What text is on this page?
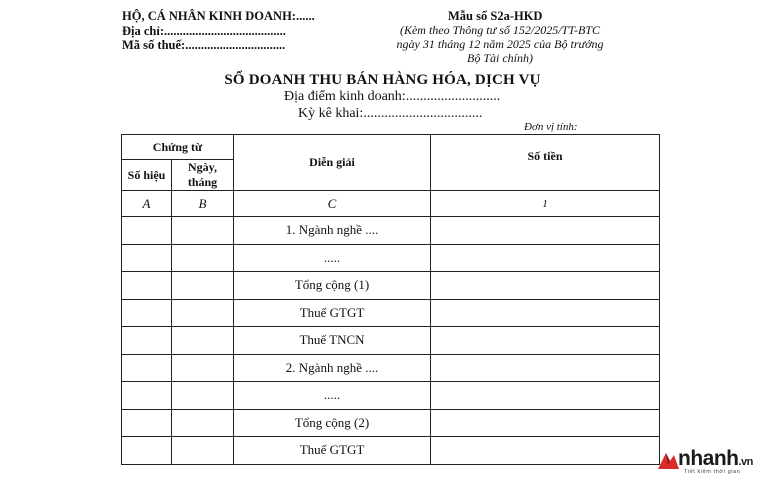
HỘ, CÁ NHÂN KINH DOANH:......
Địa chỉ:.......................................
Mã số thuế:................................
Mẫu số S2a-HKD
(Kèm theo Thông tư số 152/2025/TT-BTC
ngày 31 tháng 12 năm 2025 của Bộ trưởng
Bộ Tài chính)
SỔ DOANH THU BÁN HÀNG HÓA, DỊCH VỤ
Địa điểm kinh doanh:...........................
Kỳ kê khai:..................................
Đơn vị tính:
Chứng từ		Diễn giải	Số tiền
Số hiệu	Ngày, tháng		
A	B	C	1
		1. Ngành nghề ....	
		.....	
		Tổng cộng (1)	
		Thuế GTGT	
		Thuế TNCN	
		2. Ngành nghề ....	
		.....	
		Tổng cộng (2)	
		Thuế GTGT		nhanh.vn
Tiết kiệm thời gian
